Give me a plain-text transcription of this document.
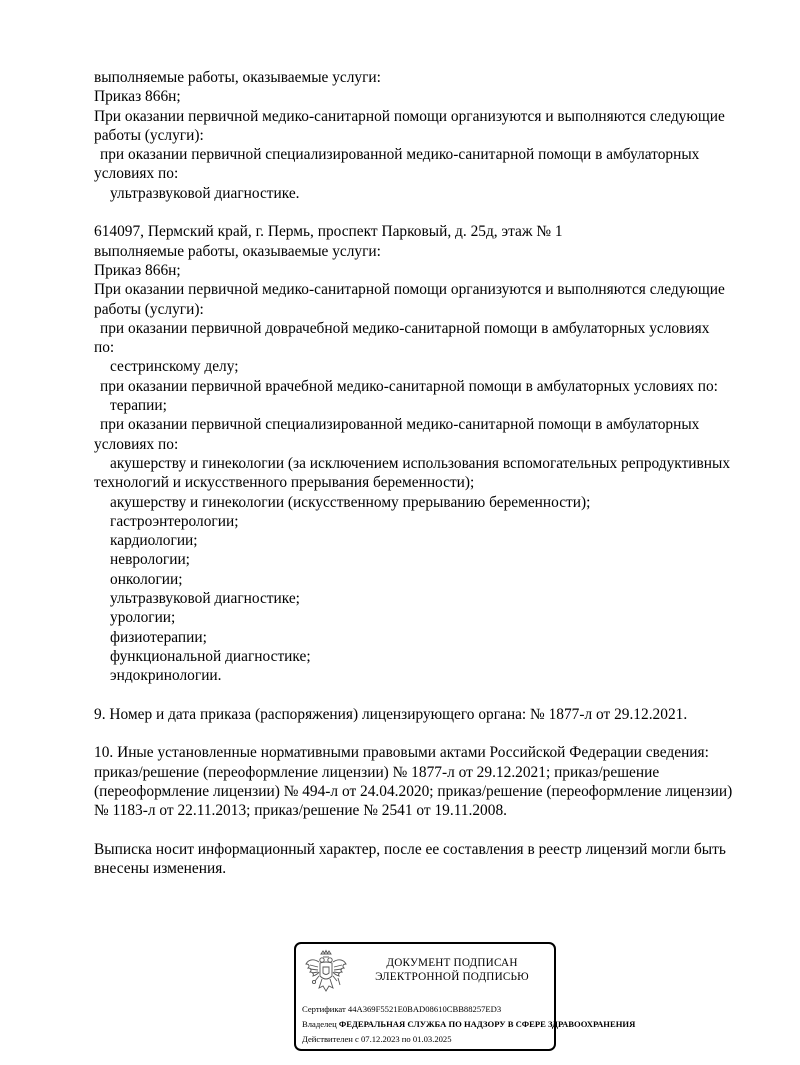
выполняемые работы, оказываемые услуги:
Приказ 866н;
При оказании первичной медико-санитарной помощи организуются и выполняются следующие
работы (услуги):
при оказании первичной специализированной медико-санитарной помощи в амбулаторных
условиях по:
ультразвуковой диагностике.
614097, Пермский край, г. Пермь, проспект Парковый, д. 25д, этаж № 1
выполняемые работы, оказываемые услуги:
Приказ 866н;
При оказании первичной медико-санитарной помощи организуются и выполняются следующие
работы (услуги):
при оказании первичной доврачебной медико-санитарной помощи в амбулаторных условиях
по:
сестринскому делу;
при оказании первичной врачебной медико-санитарной помощи в амбулаторных условиях по:
терапии;
при оказании первичной специализированной медико-санитарной помощи в амбулаторных
условиях по:
акушерству и гинекологии (за исключением использования вспомогательных репродуктивных
технологий и искусственного прерывания беременности);
акушерству и гинекологии (искусственному прерыванию беременности);
гастроэнтерологии;
кардиологии;
неврологии;
онкологии;
ультразвуковой диагностике;
урологии;
физиотерапии;
функциональной диагностике;
эндокринологии.
9. Номер и дата приказа (распоряжения) лицензирующего органа: № 1877-л от 29.12.2021.
10. Иные установленные нормативными правовыми актами Российской Федерации сведения:
приказ/решение (переоформление лицензии) № 1877-л от 29.12.2021; приказ/решение
(переоформление лицензии) № 494-л от 24.04.2020; приказ/решение (переоформление лицензии)
№ 1183-л от 22.11.2013; приказ/решение № 2541 от 19.11.2008.
Выписка носит информационный характер, после ее составления в реестр лицензий могли быть
внесены изменения.
ДОКУМЕНТ ПОДПИСАН
ЭЛЕКТРОННОЙ ПОДПИСЬЮ
Сертификат 44A369F5521E0BAD08610CBB88257ED3
Владелец ФЕДЕРАЛЬНАЯ СЛУЖБА ПО НАДЗОРУ В СФЕРЕ ЗДРАВООХРАНЕНИЯ
Действителен с 07.12.2023 по 01.03.2025
